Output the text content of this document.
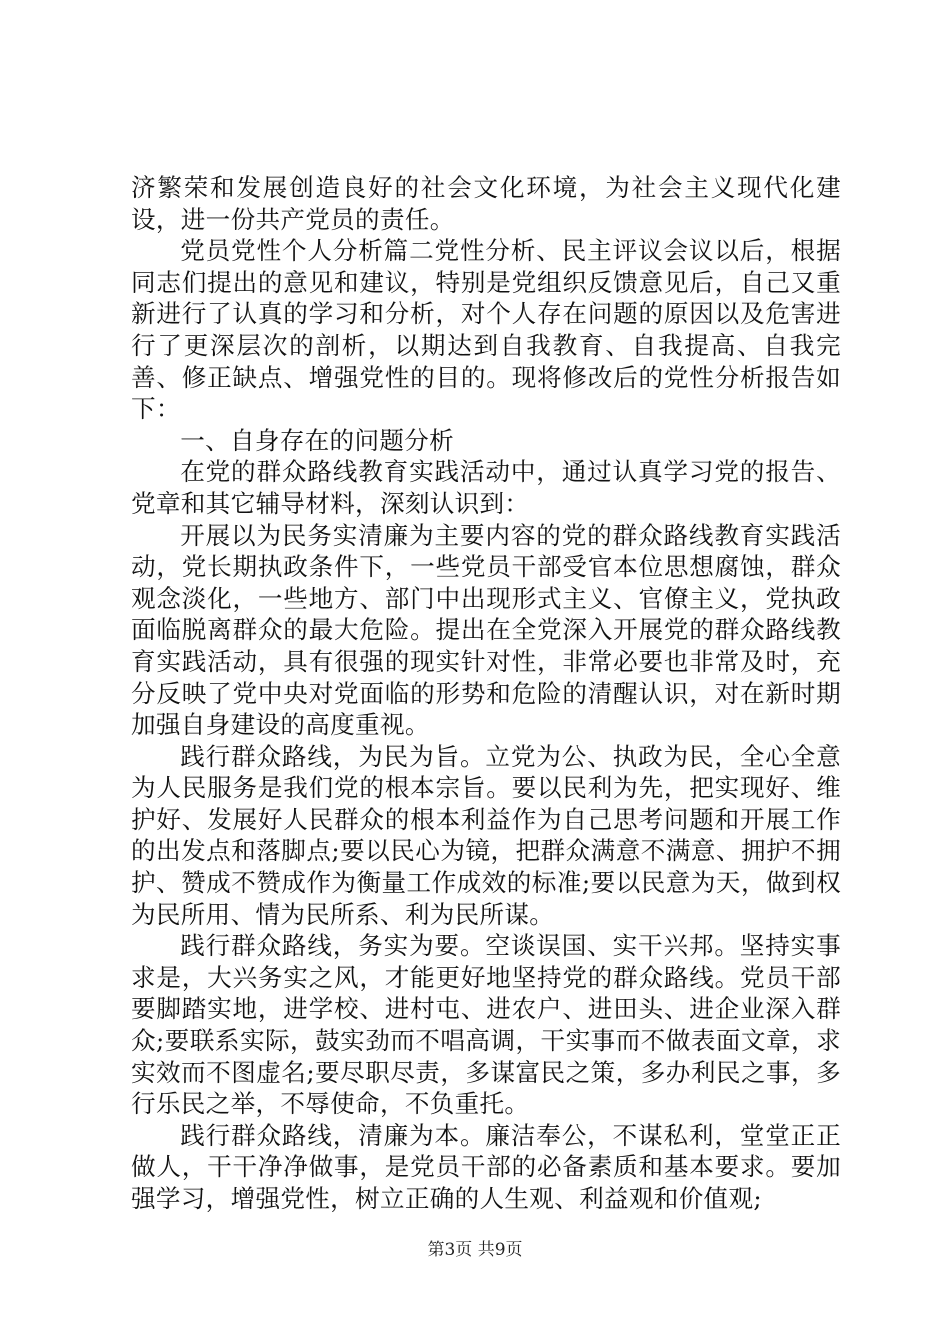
济繁荣和发展创造良好的社会文化环境，为社会主义现代化建设，进一份共产党员的责任。

党员党性个人分析篇二党性分析、民主评议会议以后，根据同志们提出的意见和建议，特别是党组织反馈意见后，自己又重新进行了认真的学习和分析，对个人存在问题的原因以及危害进行了更深层次的剖析，以期达到自我教育、自我提高、自我完善、修正缺点、增强党性的目的。现将修改后的党性分析报告如下：

一、自身存在的问题分析

在党的群众路线教育实践活动中，通过认真学习党的报告、党章和其它辅导材料，深刻认识到：

开展以为民务实清廉为主要内容的党的群众路线教育实践活动，党长期执政条件下，一些党员干部受官本位思想腐蚀，群众观念淡化，一些地方、部门中出现形式主义、官僚主义，党执政面临脱离群众的最大危险。提出在全党深入开展党的群众路线教育实践活动，具有很强的现实针对性，非常必要也非常及时，充分反映了党中央对党面临的形势和危险的清醒认识，对在新时期加强自身建设的高度重视。

践行群众路线，为民为旨。立党为公、执政为民，全心全意为人民服务是我们党的根本宗旨。要以民利为先，把实现好、维护好、发展好人民群众的根本利益作为自己思考问题和开展工作的出发点和落脚点;要以民心为镜，把群众满意不满意、拥护不拥护、赞成不赞成作为衡量工作成效的标准;要以民意为天，做到权为民所用、情为民所系、利为民所谋。

践行群众路线，务实为要。空谈误国、实干兴邦。坚持实事求是，大兴务实之风，才能更好地坚持党的群众路线。党员干部要脚踏实地，进学校、进村屯、进农户、进田头、进企业深入群众;要联系实际，鼓实劲而不唱高调，干实事而不做表面文章，求实效而不图虚名;要尽职尽责，多谋富民之策，多办利民之事，多行乐民之举，不辱使命，不负重托。

践行群众路线，清廉为本。廉洁奉公，不谋私利，堂堂正正做人，干干净净做事，是党员干部的必备素质和基本要求。要加强学习，增强党性，树立正确的人生观、利益观和价值观;

第3页 共9页
